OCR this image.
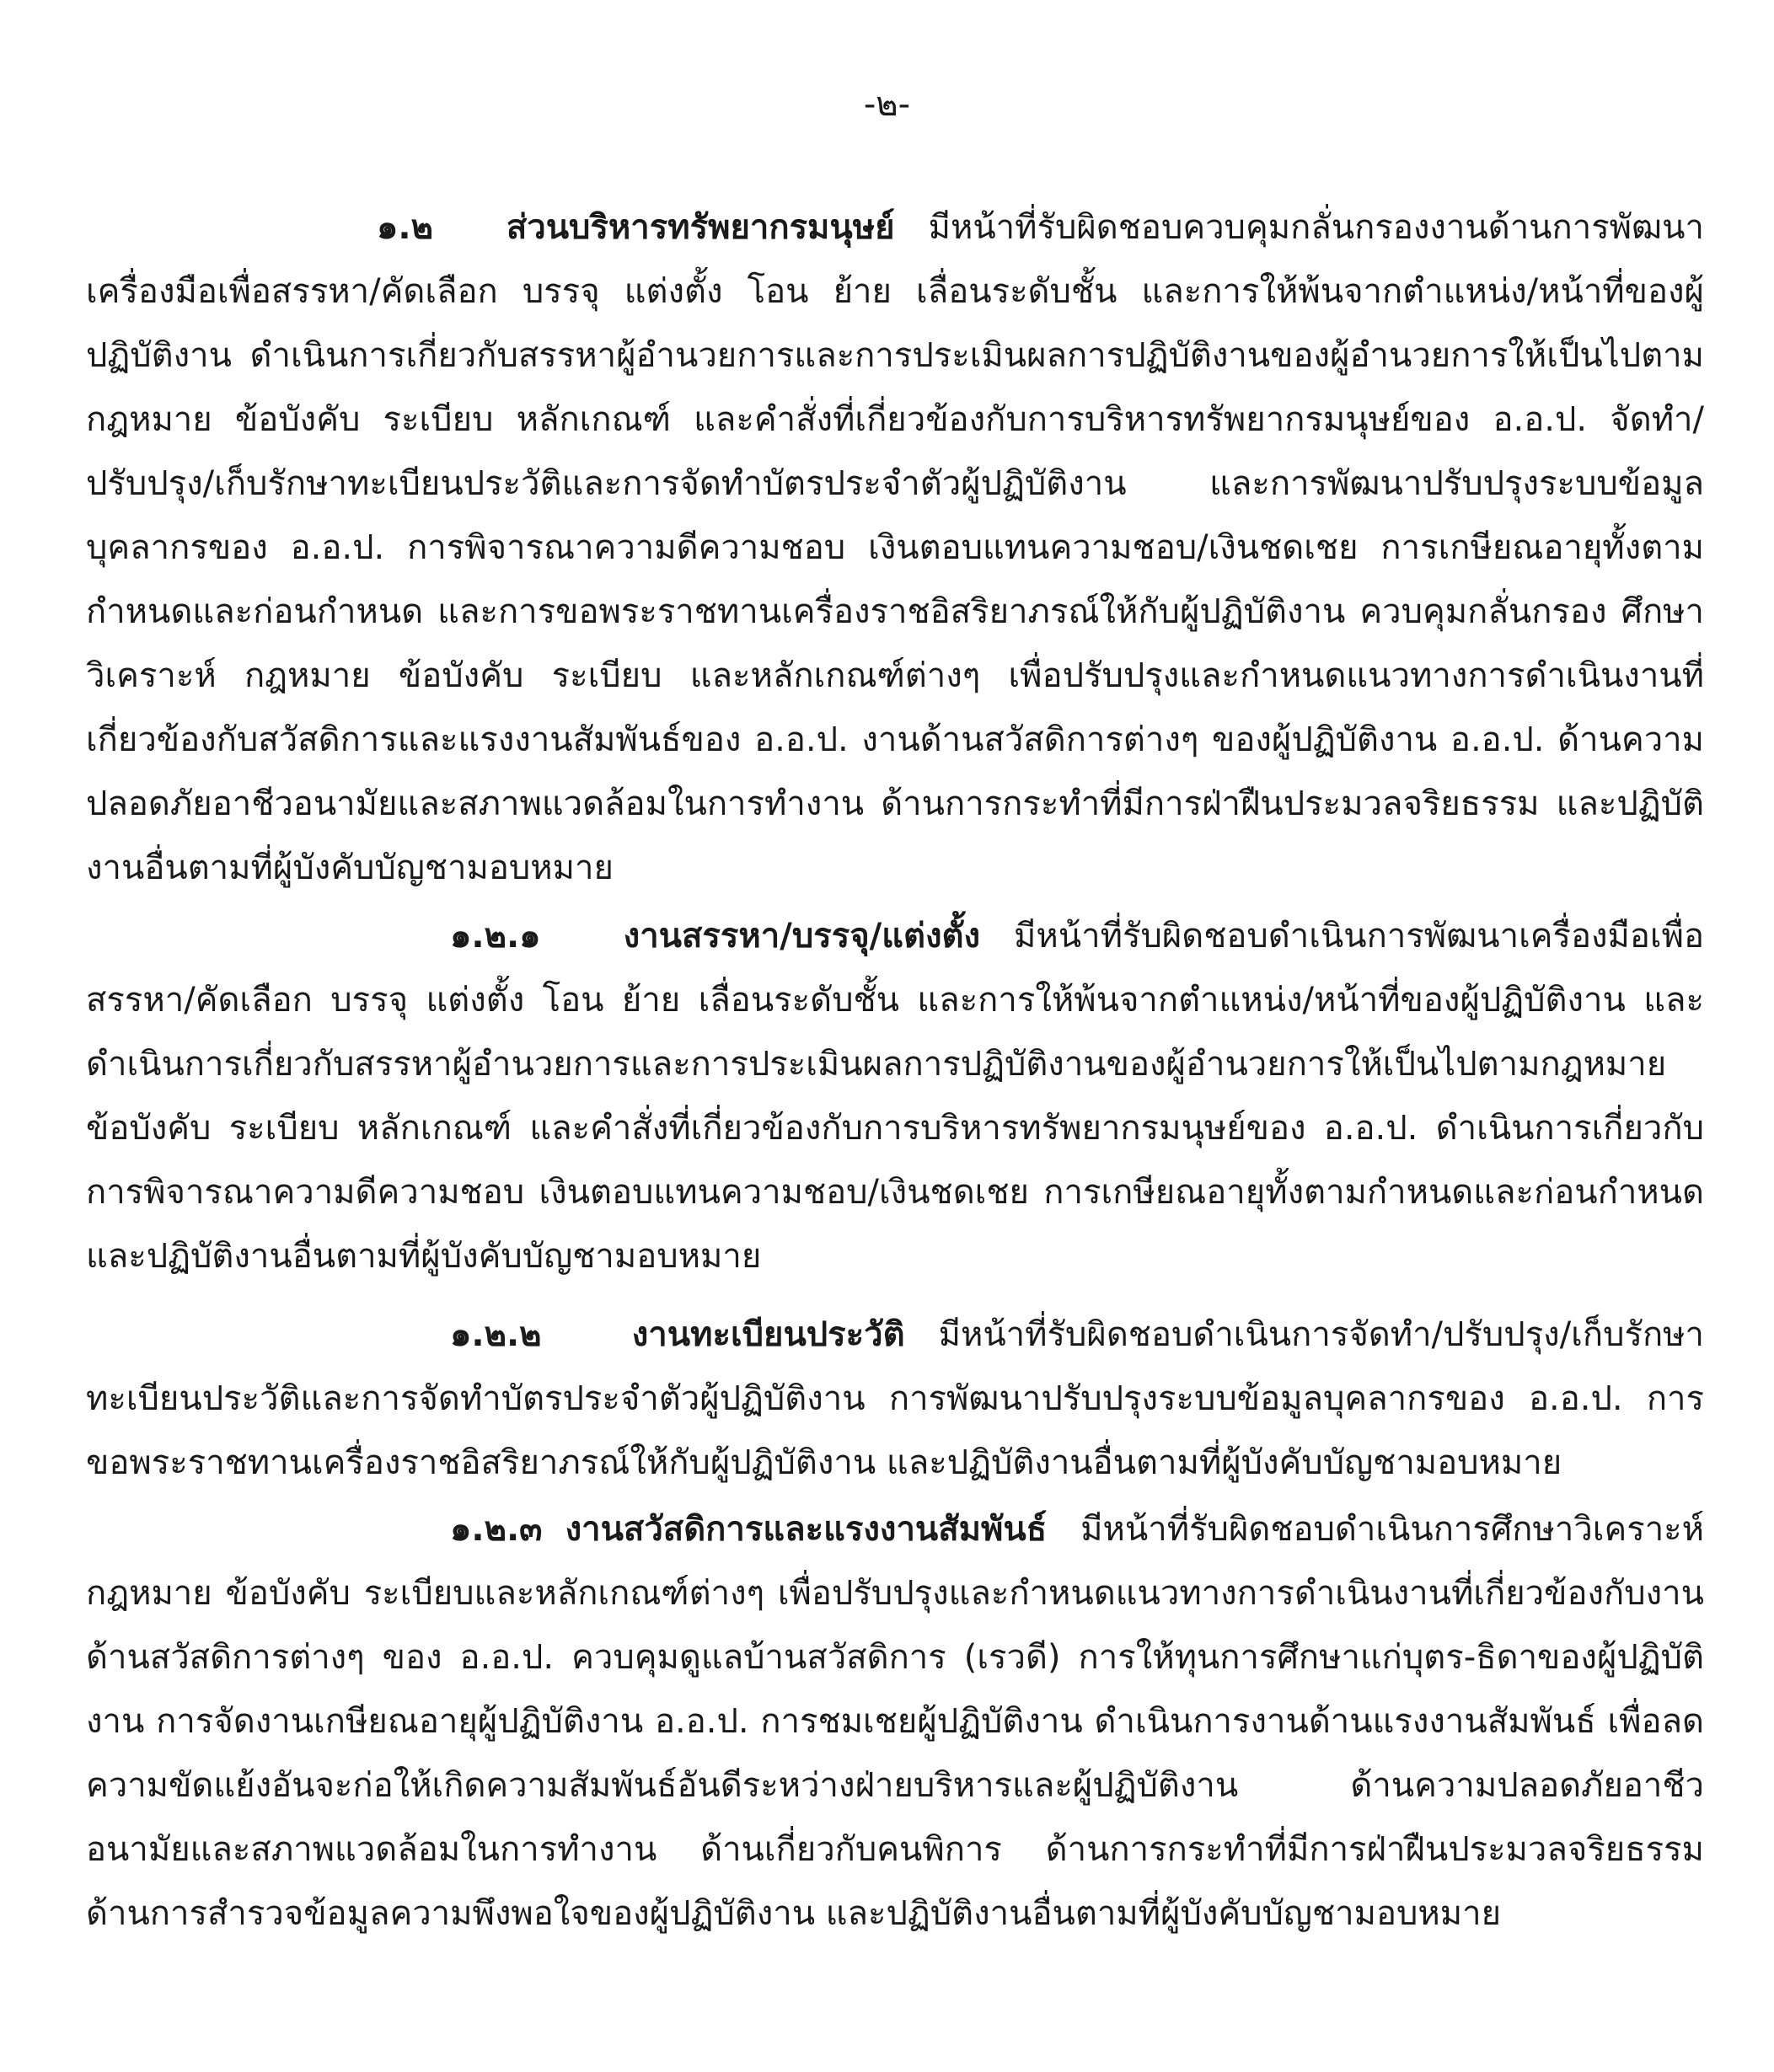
-๒-

๑.๒ ส่วนบริหารทรัพยากรมนุษย์ มีหน้าที่รับผิดชอบควบคุมกลั่นกรองงานด้านการพัฒนาเครื่องมือเพื่อสรรหา/คัดเลือก บรรจุ แต่งตั้ง โอน ย้าย เลื่อนระดับชั้น และการให้พ้นจากตำแหน่ง/หน้าที่ของผู้ปฏิบัติงาน ดำเนินการเกี่ยวกับสรรหาผู้อำนวยการและการประเมินผลการปฏิบัติงานของผู้อำนวยการให้เป็นไปตามกฎหมาย ข้อบังคับ ระเบียบ หลักเกณฑ์ และคำสั่งที่เกี่ยวข้องกับการบริหารทรัพยากรมนุษย์ของ อ.อ.ป. จัดทำ/ปรับปรุง/เก็บรักษาทะเบียนประวัติและการจัดทำบัตรประจำตัวผู้ปฏิบัติงาน และการพัฒนาปรับปรุงระบบข้อมูลบุคลากรของ อ.อ.ป. การพิจารณาความดีความชอบ เงินตอบแทนความชอบ/เงินชดเชย การเกษียณอายุทั้งตามกำหนดและก่อนกำหนด และการขอพระราชทานเครื่องราชอิสริยาภรณ์ให้กับผู้ปฏิบัติงาน ควบคุมกลั่นกรอง ศึกษา วิเคราะห์ กฎหมาย ข้อบังคับ ระเบียบ และหลักเกณฑ์ต่างๆ เพื่อปรับปรุงและกำหนดแนวทางการดำเนินงานที่เกี่ยวข้องกับสวัสดิการและแรงงานสัมพันธ์ของ อ.อ.ป. งานด้านสวัสดิการต่างๆ ของผู้ปฏิบัติงาน อ.อ.ป. ด้านความปลอดภัยอาชีวอนามัยและสภาพแวดล้อมในการทำงาน ด้านการกระทำที่มีการฝ่าฝืนประมวลจริยธรรม และปฏิบัติงานอื่นตามที่ผู้บังคับบัญชามอบหมาย

๑.๒.๑ งานสรรหา/บรรจุ/แต่งตั้ง มีหน้าที่รับผิดชอบดำเนินการพัฒนาเครื่องมือเพื่อสรรหา/คัดเลือก บรรจุ แต่งตั้ง โอน ย้าย เลื่อนระดับชั้น และการให้พ้นจากตำแหน่ง/หน้าที่ของผู้ปฏิบัติงาน และดำเนินการเกี่ยวกับสรรหาผู้อำนวยการและการประเมินผลการปฏิบัติงานของผู้อำนวยการให้เป็นไปตามกฎหมาย ข้อบังคับ ระเบียบ หลักเกณฑ์ และคำสั่งที่เกี่ยวข้องกับการบริหารทรัพยากรมนุษย์ของ อ.อ.ป. ดำเนินการเกี่ยวกับการพิจารณาความดีความชอบ เงินตอบแทนความชอบ/เงินชดเชย การเกษียณอายุทั้งตามกำหนดและก่อนกำหนด และปฏิบัติงานอื่นตามที่ผู้บังคับบัญชามอบหมาย

๑.๒.๒ งานทะเบียนประวัติ มีหน้าที่รับผิดชอบดำเนินการจัดทำ/ปรับปรุง/เก็บรักษาทะเบียนประวัติและการจัดทำบัตรประจำตัวผู้ปฏิบัติงาน การพัฒนาปรับปรุงระบบข้อมูลบุคลากรของ อ.อ.ป. การขอพระราชทานเครื่องราชอิสริยาภรณ์ให้กับผู้ปฏิบัติงาน และปฏิบัติงานอื่นตามที่ผู้บังคับบัญชามอบหมาย

๑.๒.๓ งานสวัสดิการและแรงงานสัมพันธ์ มีหน้าที่รับผิดชอบดำเนินการศึกษาวิเคราะห์ กฎหมาย ข้อบังคับ ระเบียบและหลักเกณฑ์ต่างๆ เพื่อปรับปรุงและกำหนดแนวทางการดำเนินงานที่เกี่ยวข้องกับงานด้านสวัสดิการต่างๆ ของ อ.อ.ป. ควบคุมดูแลบ้านสวัสดิการ (เรวดี) การให้ทุนการศึกษาแก่บุตร-ธิดาของผู้ปฏิบัติงาน การจัดงานเกษียณอายุผู้ปฏิบัติงาน อ.อ.ป. การชมเชยผู้ปฏิบัติงาน ดำเนินการงานด้านแรงงานสัมพันธ์ เพื่อลดความขัดแย้งอันจะก่อให้เกิดความสัมพันธ์อันดีระหว่างฝ่ายบริหารและผู้ปฏิบัติงาน ด้านความปลอดภัยอาชีวอนามัยและสภาพแวดล้อมในการทำงาน ด้านเกี่ยวกับคนพิการ ด้านการกระทำที่มีการฝ่าฝืนประมวลจริยธรรม ด้านการสำรวจข้อมูลความพึงพอใจของผู้ปฏิบัติงาน และปฏิบัติงานอื่นตามที่ผู้บังคับบัญชามอบหมาย
